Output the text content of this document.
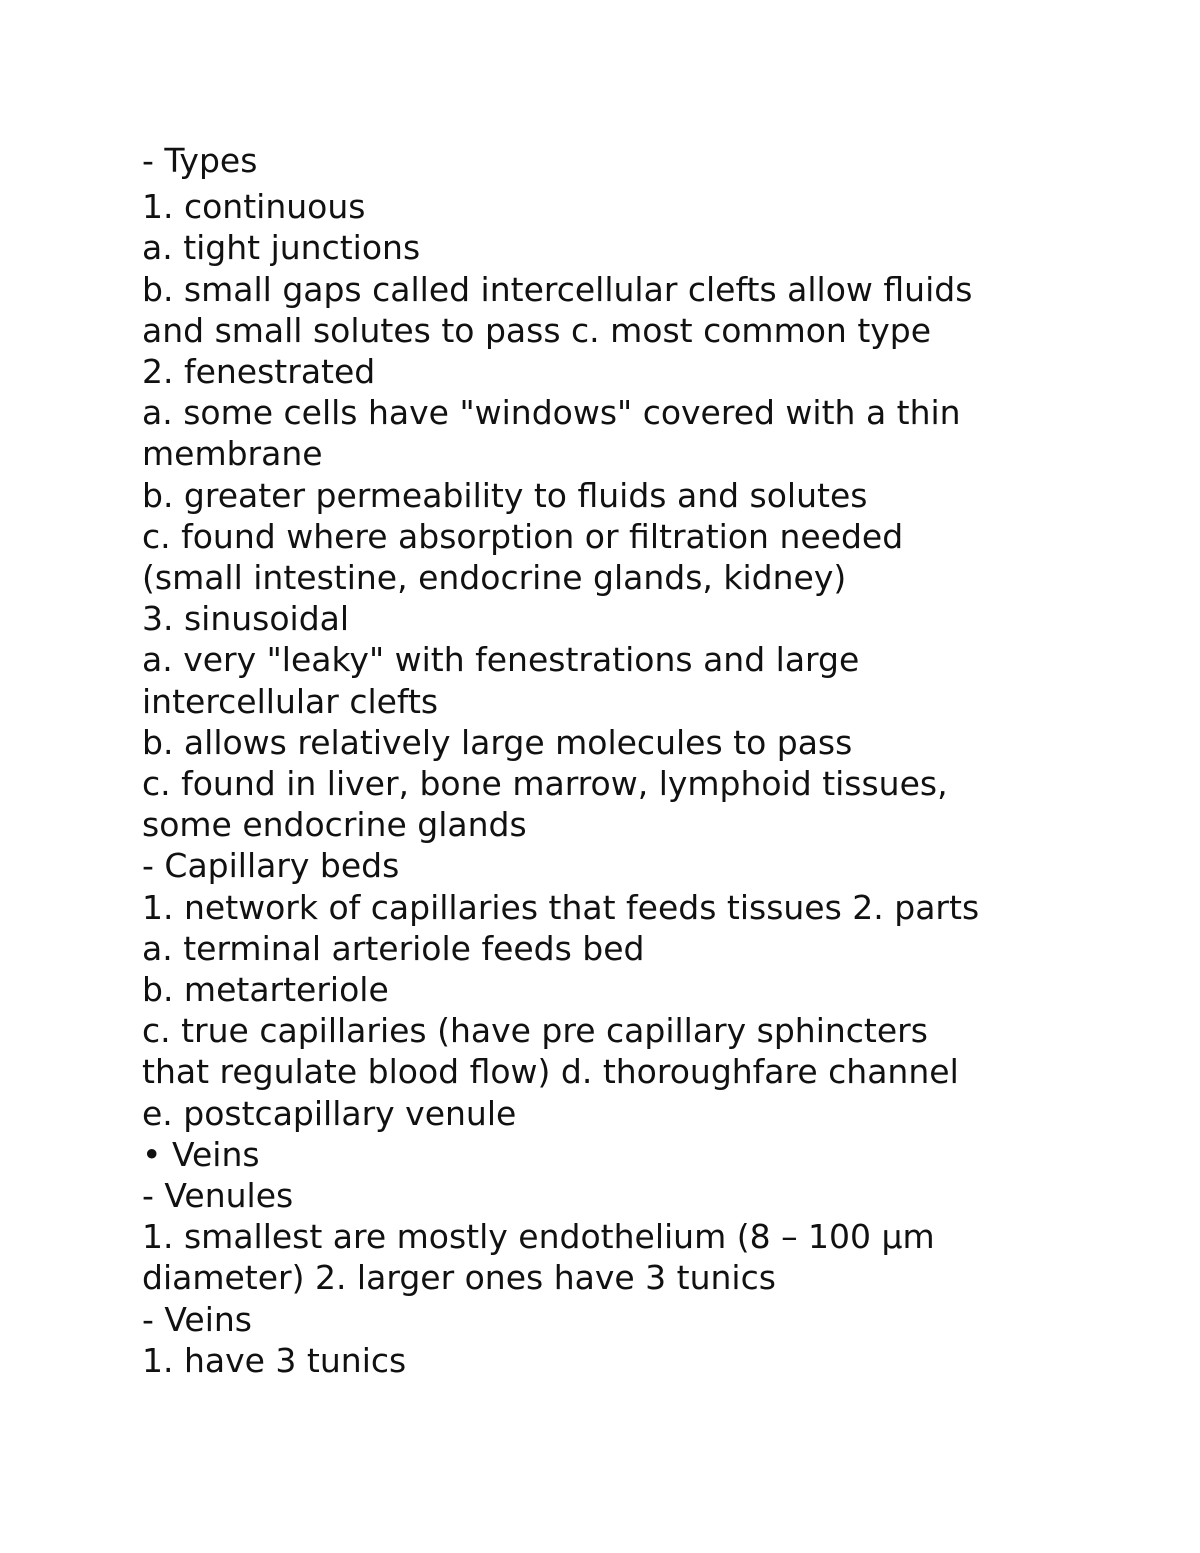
- Types
1. continuous
a. tight junctions
b. small gaps called intercellular clefts allow fluids
and small solutes to pass c. most common type
2. fenestrated
a. some cells have "windows" covered with a thin
membrane
b. greater permeability to fluids and solutes
c. found where absorption or filtration needed
(small intestine, endocrine glands, kidney)
3. sinusoidal
a. very "leaky" with fenestrations and large
intercellular clefts
b. allows relatively large molecules to pass
c. found in liver, bone marrow, lymphoid tissues,
some endocrine glands
- Capillary beds
1. network of capillaries that feeds tissues 2. parts
a. terminal arteriole feeds bed
b. metarteriole
c. true capillaries (have pre capillary sphincters
that regulate blood flow) d. thoroughfare channel
e. postcapillary venule
• Veins
- Venules
1. smallest are mostly endothelium (8 – 100 µm
diameter) 2. larger ones have 3 tunics
- Veins
1. have 3 tunics
